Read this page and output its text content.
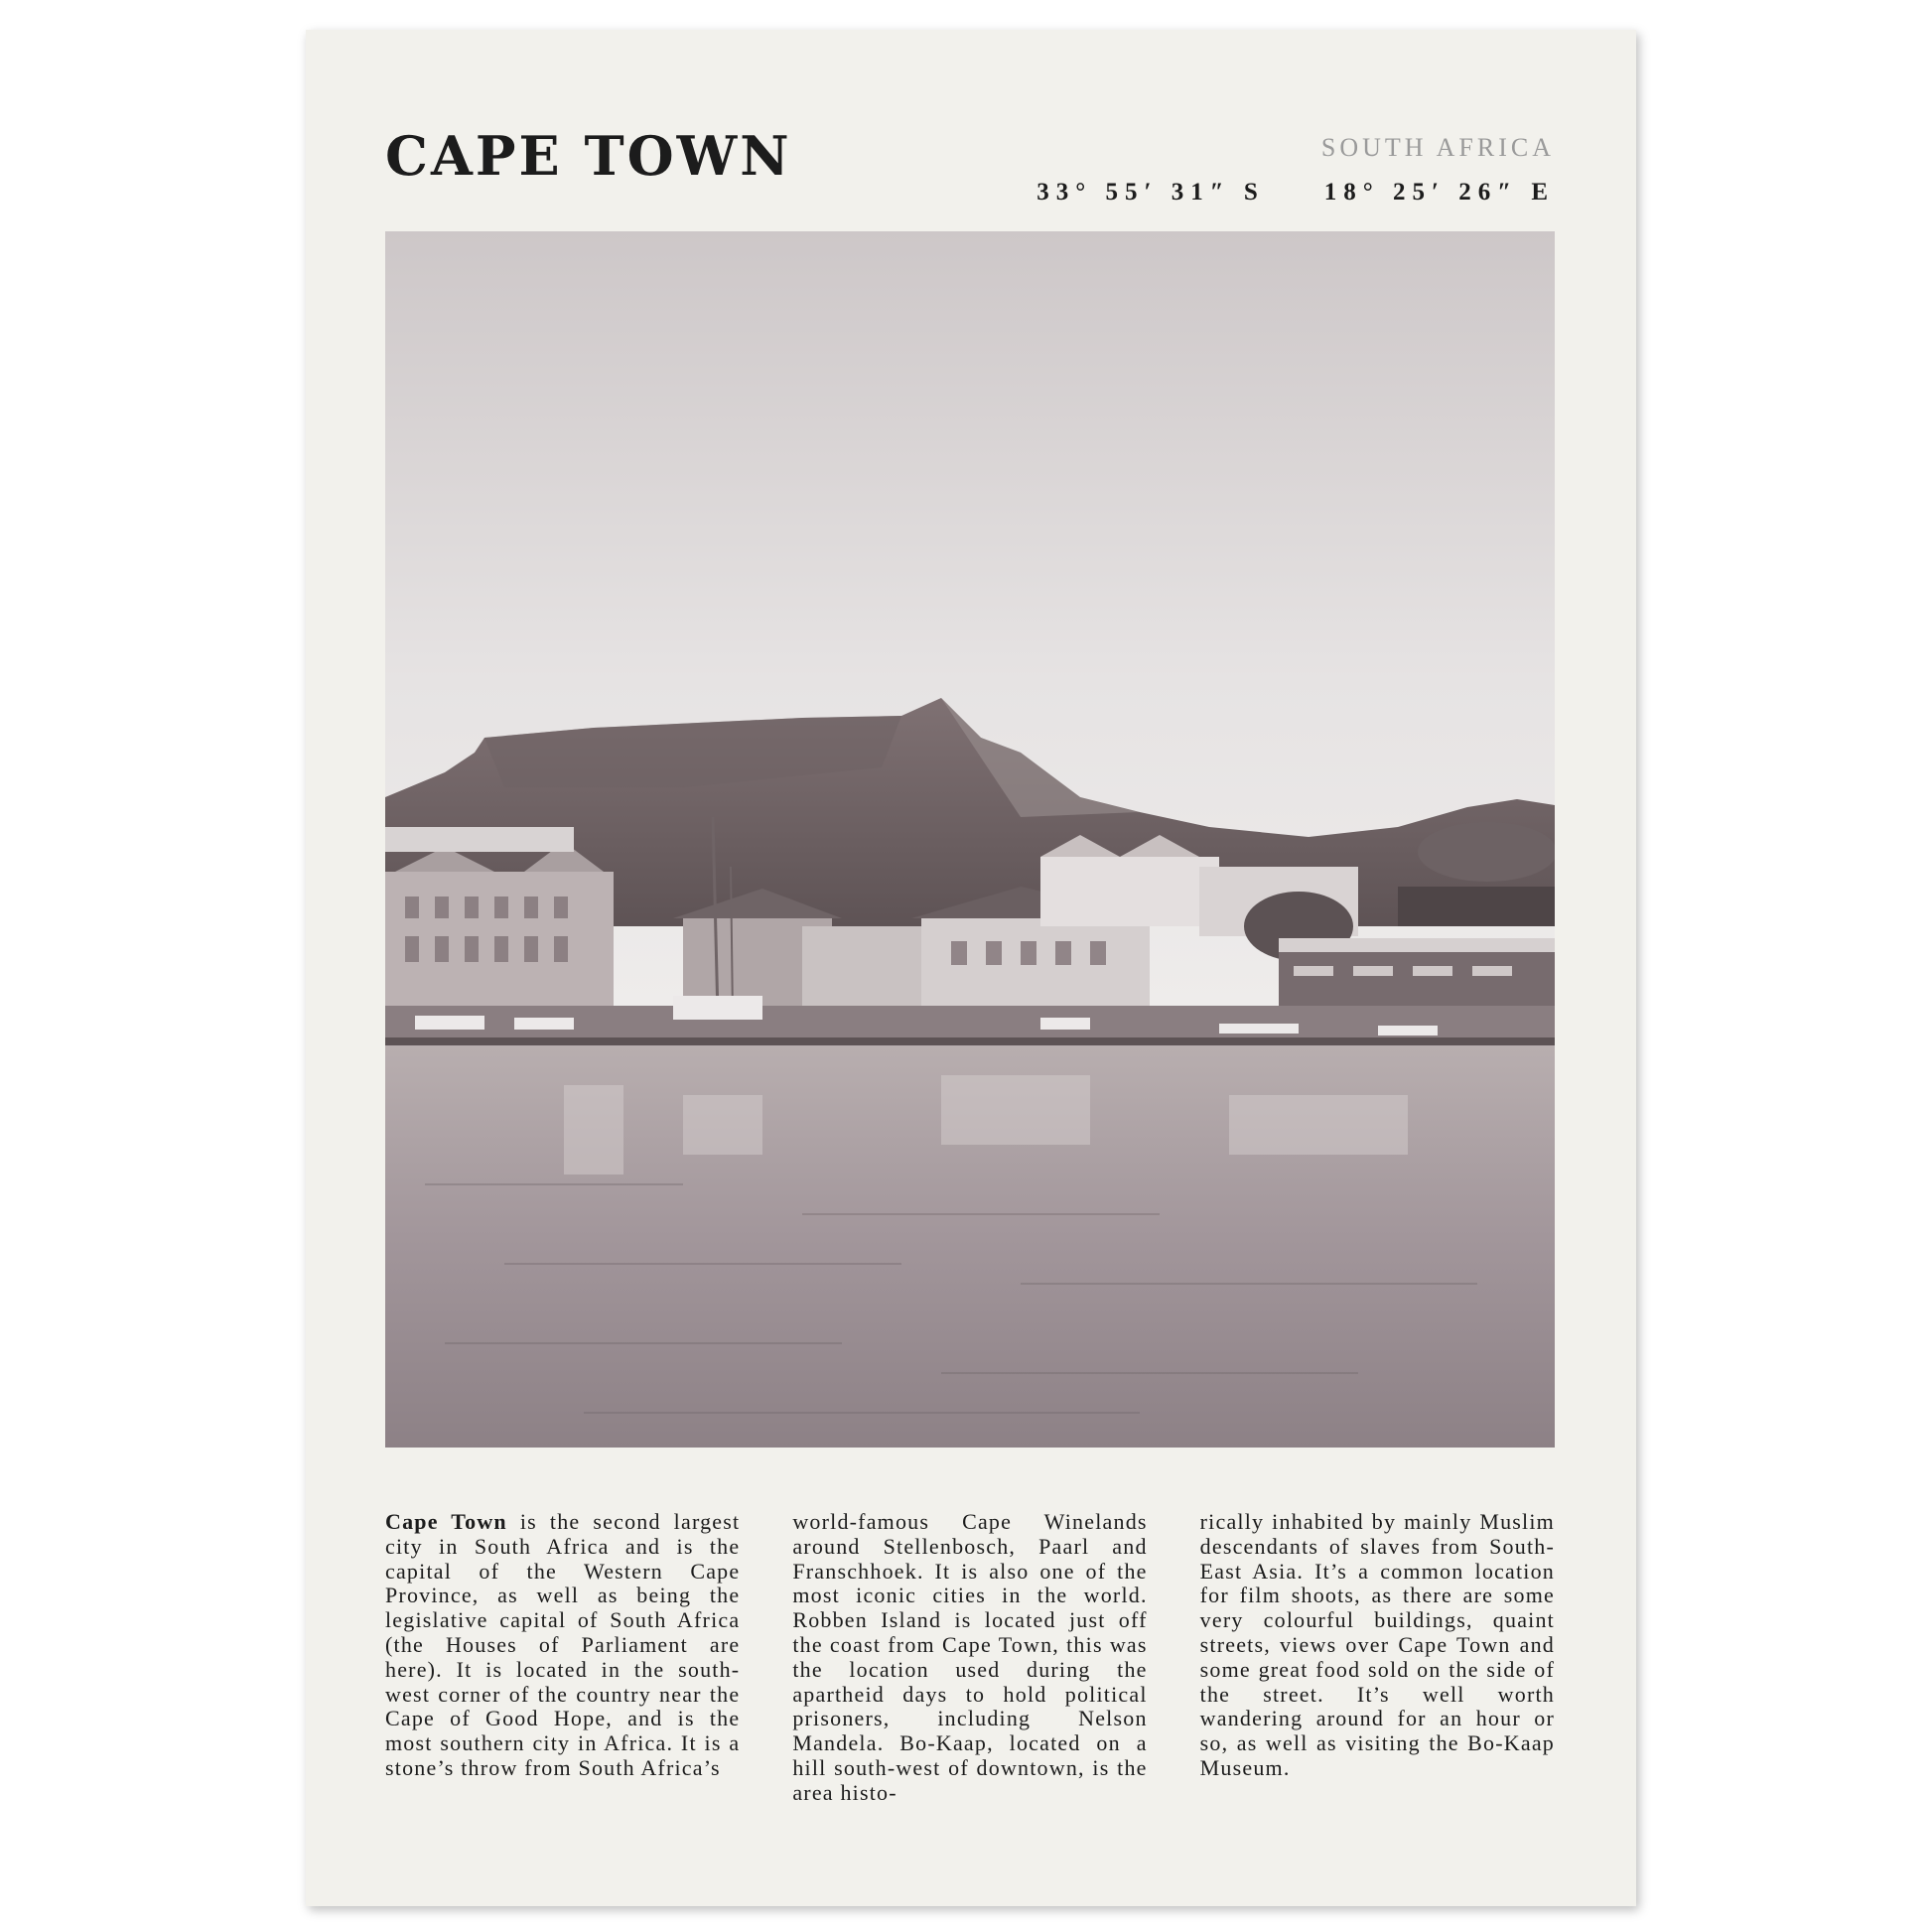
CAPE TOWN	SOUTH AFRICA
33° 55′ 31″ S 18° 25′ 26″ E
Cape Town is the second largest city in South Africa and is the capital of the Western Cape Province, as well as being the legislative capital of South Africa (the Houses of Parliament are here). It is located in the south-west corner of the country near the Cape of Good Hope, and is the most southern city in Africa. It is a stone’s throw from South Africa’s
world-famous Cape Winelands around Stellenbosch, Paarl and Franschhoek. It is also one of the most iconic cities in the world. Robben Island is located just off the coast from Cape Town, this was the location used during the apartheid days to hold political prisoners, including Nelson Mandela. Bo-Kaap, located on a hill south-west of downtown, is the area histo-
rically inhabited by mainly Muslim descendants of slaves from South-East Asia. It’s a common location for film shoots, as there are some very colourful buildings, quaint streets, views over Cape Town and some great food sold on the side of the street. It’s well worth wandering around for an hour or so, as well as visiting the Bo-Kaap Museum.
